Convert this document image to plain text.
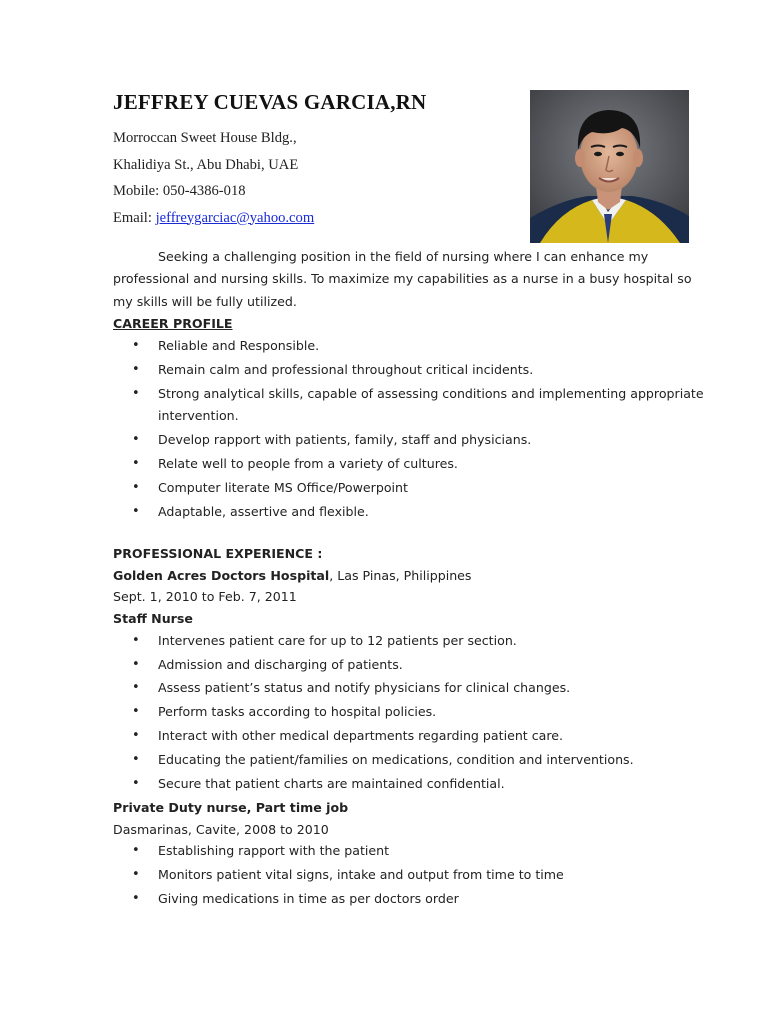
JEFFREY CUEVAS GARCIA,RN
Morroccan Sweet House Bldg.,
Khalidiya St., Abu Dhabi, UAE
Mobile: 050-4386-018
Email: jeffreygarciac@yahoo.com

Seeking a challenging position in the field of nursing where I can enhance my professional and nursing skills. To maximize my capabilities as a nurse in a busy hospital so my skills will be fully utilized.

CAREER PROFILE
• Reliable and Responsible.
• Remain calm and professional throughout critical incidents.
• Strong analytical skills, capable of assessing conditions and implementing appropriate intervention.
• Develop rapport with patients, family, staff and physicians.
• Relate well to people from a variety of cultures.
• Computer literate MS Office/Powerpoint
• Adaptable, assertive and flexible.
PROFESSIONAL EXPERIENCE :
Golden Acres Doctors Hospital, Las Pinas, Philippines
Sept. 1, 2010 to Feb. 7, 2011
Staff Nurse
• Intervenes patient care for up to 12 patients per section.
• Admission and discharging of patients.
• Assess patient’s status and notify physicians for clinical changes.
• Perform tasks according to hospital policies.
• Interact with other medical departments regarding patient care.
• Educating the patient/families on medications, condition and interventions.
• Secure that patient charts are maintained confidential.
Private Duty nurse, Part time job
Dasmarinas, Cavite, 2008 to 2010
• Establishing rapport with the patient
• Monitors patient vital signs, intake and output from time to time
• Giving medications in time as per doctors order
